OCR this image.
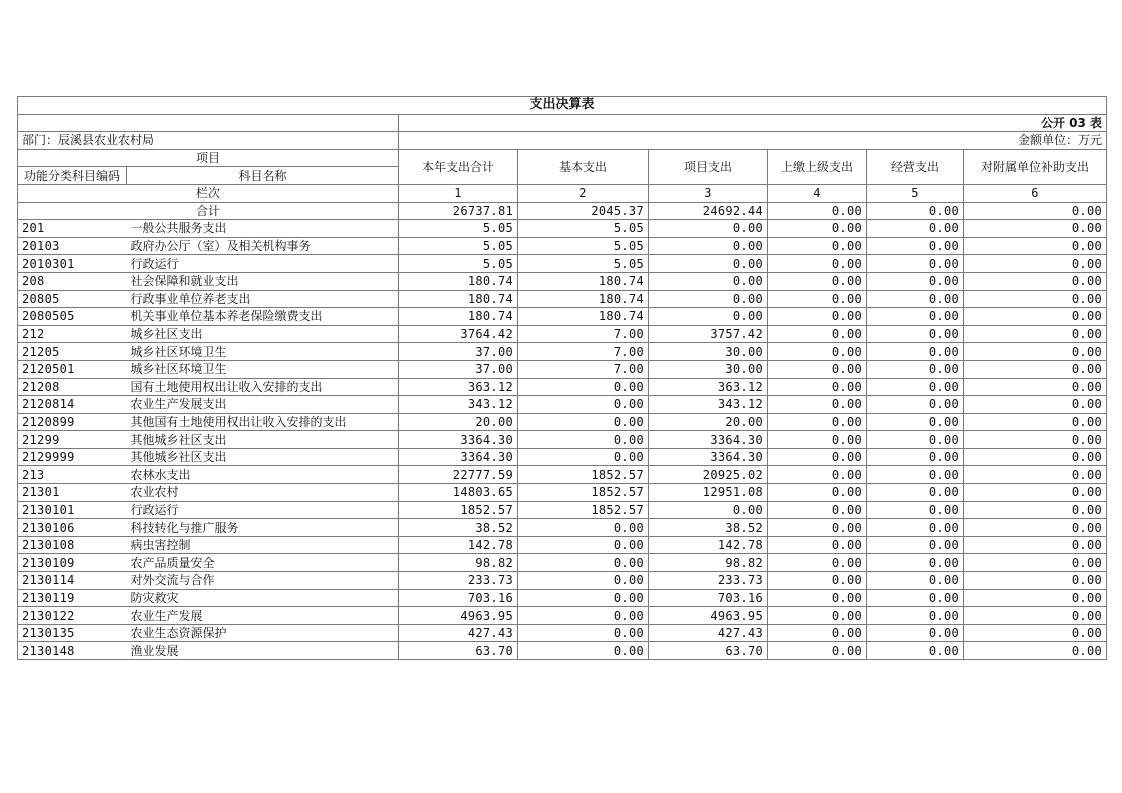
支出决算表							
		公开 03 表					
部门：辰溪县农业农村局		金额单位：万元					
项目		本年支出合计	基本支出	项目支出	上缴上级支出	经营支出	对附属单位补助支出
功能分类科目编码	科目名称						
栏次		1	2	3	4	5	6
合计		26737.81	2045.37	24692.44	0.00	0.00	0.00
201	一般公共服务支出	5.05	5.05	0.00	0.00	0.00	0.00
20103	政府办公厅（室）及相关机构事务	5.05	5.05	0.00	0.00	0.00	0.00
2010301	行政运行	5.05	5.05	0.00	0.00	0.00	0.00
208	社会保障和就业支出	180.74	180.74	0.00	0.00	0.00	0.00
20805	行政事业单位养老支出	180.74	180.74	0.00	0.00	0.00	0.00
2080505	机关事业单位基本养老保险缴费支出	180.74	180.74	0.00	0.00	0.00	0.00
212	城乡社区支出	3764.42	7.00	3757.42	0.00	0.00	0.00
21205	城乡社区环境卫生	37.00	7.00	30.00	0.00	0.00	0.00
2120501	城乡社区环境卫生	37.00	7.00	30.00	0.00	0.00	0.00
21208	国有土地使用权出让收入安排的支出	363.12	0.00	363.12	0.00	0.00	0.00
2120814	农业生产发展支出	343.12	0.00	343.12	0.00	0.00	0.00
2120899	其他国有土地使用权出让收入安排的支出	20.00	0.00	20.00	0.00	0.00	0.00
21299	其他城乡社区支出	3364.30	0.00	3364.30	0.00	0.00	0.00
2129999	其他城乡社区支出	3364.30	0.00	3364.30	0.00	0.00	0.00
213	农林水支出	22777.59	1852.57	20925.02	0.00	0.00	0.00
21301	农业农村	14803.65	1852.57	12951.08	0.00	0.00	0.00
2130101	行政运行	1852.57	1852.57	0.00	0.00	0.00	0.00
2130106	科技转化与推广服务	38.52	0.00	38.52	0.00	0.00	0.00
2130108	病虫害控制	142.78	0.00	142.78	0.00	0.00	0.00
2130109	农产品质量安全	98.82	0.00	98.82	0.00	0.00	0.00
2130114	对外交流与合作	233.73	0.00	233.73	0.00	0.00	0.00
2130119	防灾救灾	703.16	0.00	703.16	0.00	0.00	0.00
2130122	农业生产发展	4963.95	0.00	4963.95	0.00	0.00	0.00
2130135	农业生态资源保护	427.43	0.00	427.43	0.00	0.00	0.00
2130148	渔业发展	63.70	0.00	63.70	0.00	0.00	0.00
